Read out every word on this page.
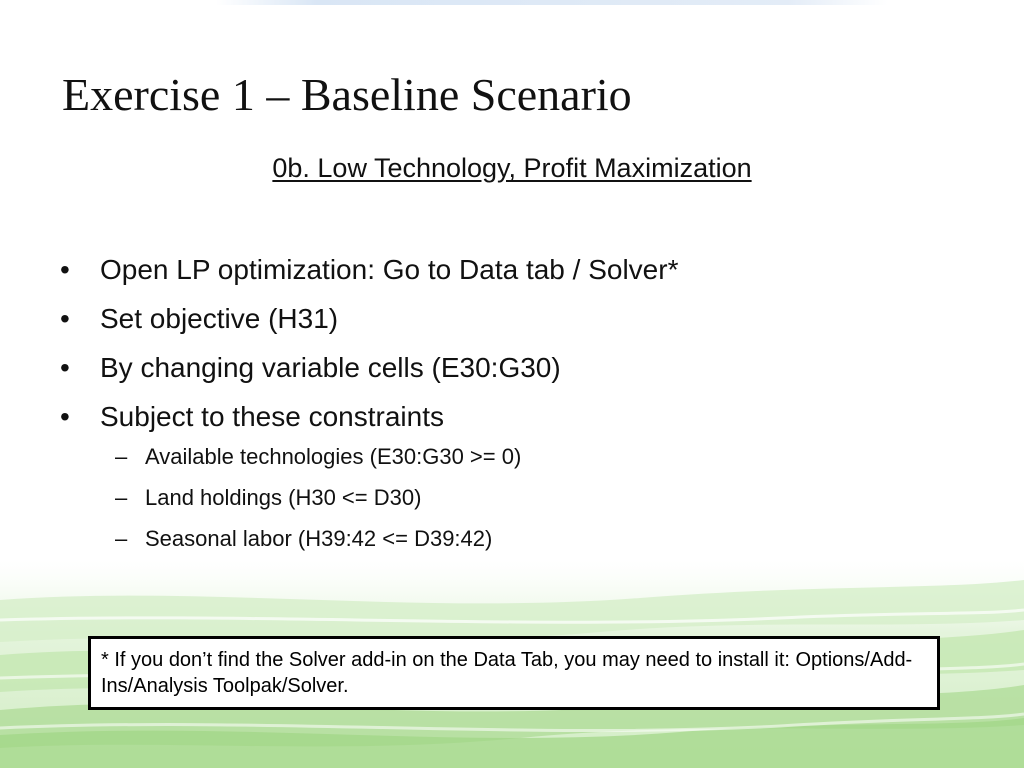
Exercise 1 – Baseline Scenario
0b. Low Technology, Profit Maximization
• Open LP optimization: Go to Data tab / Solver*
• Set objective (H31)
• By changing variable cells (E30:G30)
• Subject to these constraints
– Available technologies (E30:G30 >= 0)
– Land holdings (H30 <= D30)
– Seasonal labor (H39:42 <= D39:42)
* If you don’t find the Solver add-in on the Data Tab, you may need to install it: Options/Add-Ins/Analysis Toolpak/Solver.
